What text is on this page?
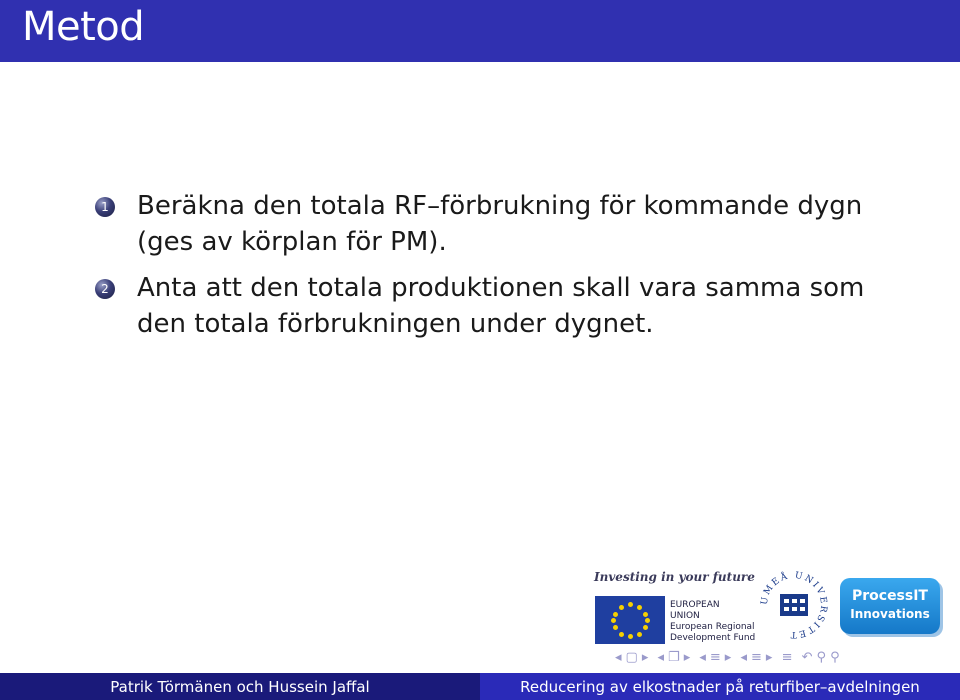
Metod
1 Beräkna den totala RF–förbrukning för kommande dygn (ges av körplan för PM).
2 Anta att den totala produktionen skall vara samma som den totala förbrukningen under dygnet.
Investing in your future
EUROPEAN
UNION
European Regional
Development Fund
UMEÅ UNIVERSITET
ProcessIT
Innovations
◂ ▢ ▸ ◂ ❐ ▸ ◂ ≡ ▸ ◂ ≡ ▸ ≡ ↶ ⚲ ⚲
Patrik Törmänen och Hussein Jaffal	Reducering av elkostnader på returfiber–avdelningen
